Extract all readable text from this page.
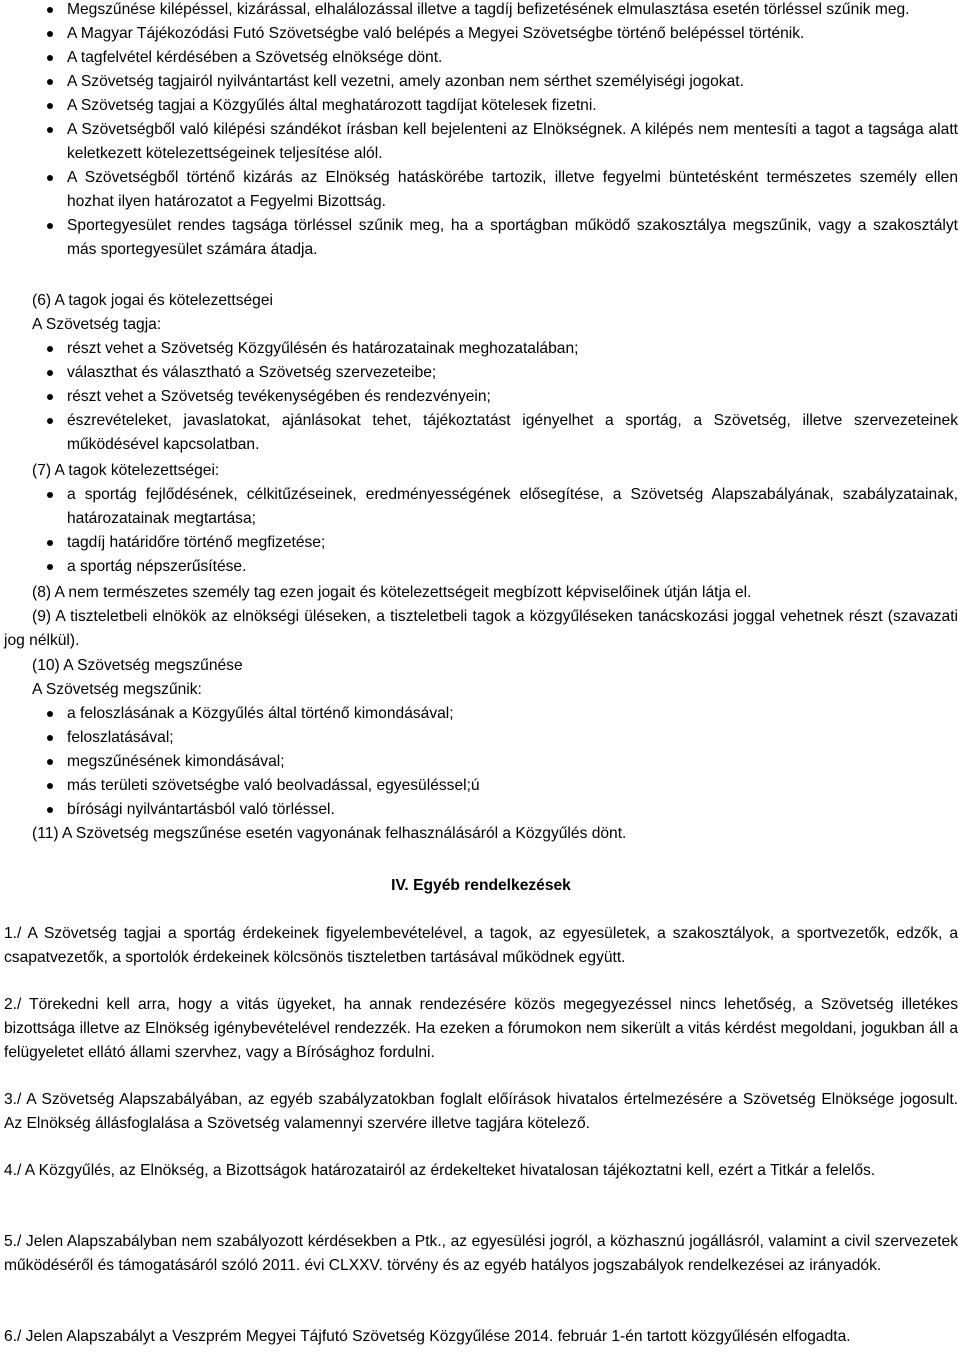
Megszűnése kilépéssel, kizárással, elhalálozással illetve a tagdíj befizetésének elmulasztása esetén törléssel szűnik meg.
A Magyar Tájékozódási Futó Szövetségbe való belépés a Megyei Szövetségbe történő belépéssel történik.
A tagfelvétel kérdésében a Szövetség elnöksége dönt.
A Szövetség tagjairól nyilvántartást kell vezetni, amely azonban nem sérthet személyiségi jogokat.
A Szövetség tagjai a Közgyűlés által meghatározott tagdíjat kötelesek fizetni.
A Szövetségből való kilépési szándékot írásban kell bejelenteni az Elnökségnek. A kilépés nem mentesíti a tagot a tagsága alatt keletkezett kötelezettségeinek teljesítése alól.
A Szövetségből történő kizárás az Elnökség hatáskörébe tartozik, illetve fegyelmi büntetésként természetes személy ellen hozhat ilyen határozatot a Fegyelmi Bizottság.
Sportegyesület rendes tagsága törléssel szűnik meg, ha a sportágban működő szakosztálya megszűnik, vagy a szakosztályt más sportegyesület számára átadja.
(6) A tagok jogai és kötelezettségei
A Szövetség tagja:
részt vehet a Szövetség Közgyűlésén és határozatainak meghozatalában;
választhat és választható a Szövetség szervezeteibe;
részt vehet a Szövetség tevékenységében és rendezvényein;
észrevételeket, javaslatokat, ajánlásokat tehet, tájékoztatást igényelhet a sportág, a Szövetség, illetve szervezeteinek működésével kapcsolatban.
(7) A tagok kötelezettségei:
a sportág fejlődésének, célkitűzéseinek, eredményességének elősegítése, a Szövetség Alapszabályának, szabályzatainak, határozatainak megtartása;
tagdíj határidőre történő megfizetése;
a sportág népszerűsítése.
(8) A nem természetes személy tag ezen jogait és kötelezettségeit megbízott képviselőinek útján látja el.
(9) A tiszteletbeli elnökök az elnökségi üléseken, a tiszteletbeli tagok a közgyűléseken tanácskozási joggal vehetnek részt (szavazati jog nélkül).
(10) A Szövetség megszűnése
A Szövetség megszűnik:
a feloszlásának a Közgyűlés által történő kimondásával;
feloszlatásával;
megszűnésének kimondásával;
más területi szövetségbe való beolvadással, egyesüléssel;ú
bírósági nyilvántartásból való törléssel.
(11) A Szövetség megszűnése esetén vagyonának felhasználásáról a Közgyűlés dönt.
IV. Egyéb rendelkezések
1./ A Szövetség tagjai a sportág érdekeinek figyelembevételével, a tagok, az egyesületek, a szakosztályok, a sportvezetők, edzők, a csapatvezetők, a sportolók érdekeinek kölcsönös tiszteletben tartásával működnek együtt.
2./ Törekedni kell arra, hogy a vitás ügyeket, ha annak rendezésére közös megegyezéssel nincs lehetőség, a Szövetség illetékes bizottsága illetve az Elnökség igénybevételével rendezzék. Ha ezeken a fórumokon nem sikerült a vitás kérdést megoldani, jogukban áll a felügyeletet ellátó állami szervhez, vagy a Bírósághoz fordulni.
3./ A Szövetség Alapszabályában, az egyéb szabályzatokban foglalt előírások hivatalos értelmezésére a Szövetség Elnöksége jogosult. Az Elnökség állásfoglalása a Szövetség valamennyi szervére illetve tagjára kötelező.
4./ A Közgyűlés, az Elnökség, a Bizottságok határozatairól az érdekelteket hivatalosan tájékoztatni kell, ezért a Titkár a felelős.
5./ Jelen Alapszabályban nem szabályozott kérdésekben a Ptk., az egyesülési jogról, a közhasznú jogállásról, valamint a civil szervezetek működéséről és támogatásáról szóló 2011. évi CLXXV. törvény és az egyéb hatályos jogszabályok rendelkezései az irányadók.
6./ Jelen Alapszabályt a Veszprém Megyei Tájfutó Szövetség Közgyűlése 2014. február 1-én tartott közgyűlésén elfogadta.
